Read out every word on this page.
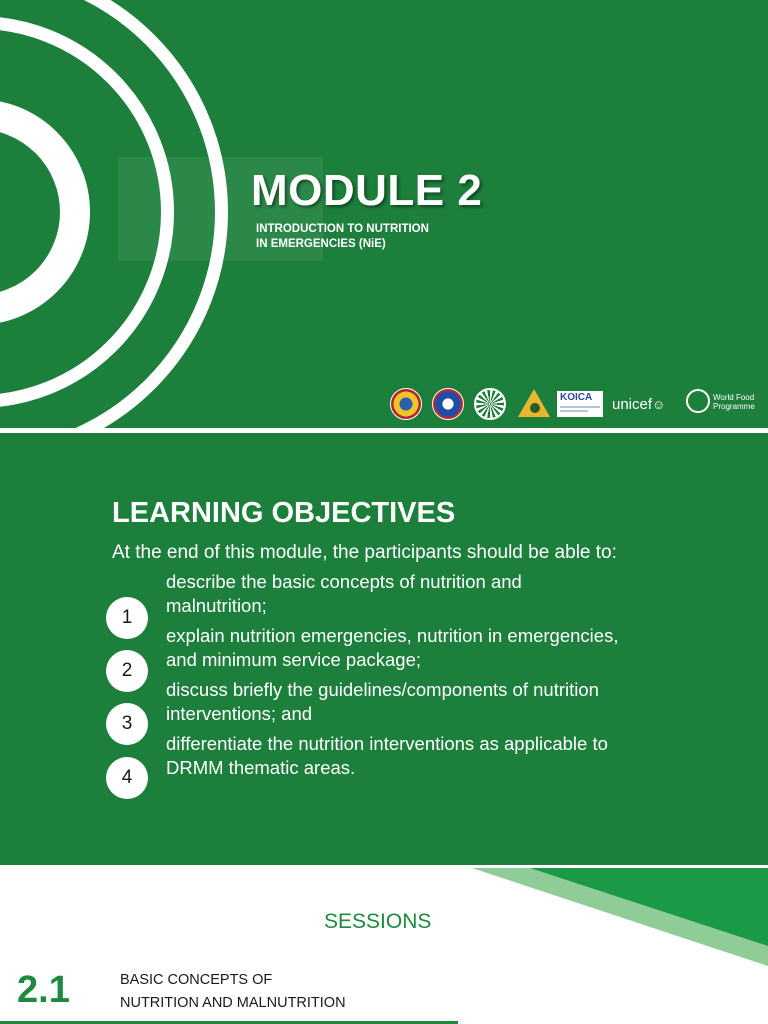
MODULE 2
INTRODUCTION TO NUTRITION
IN EMERGENCIES (NiE)
KOICA	unicef☺	World Food
Programme
LEARNING OBJECTIVES
At the end of this module, the participants should be able to:
1
2
3
4
describe the basic concepts of nutrition and
malnutrition;
explain nutrition emergencies, nutrition in emergencies,
and minimum service package;
discuss briefly the guidelines/components of nutrition
interventions; and
differentiate the nutrition interventions as applicable to
DRMM thematic areas.
SESSIONS
2.1	BASIC CONCEPTS OF
NUTRITION AND MALNUTRITION
